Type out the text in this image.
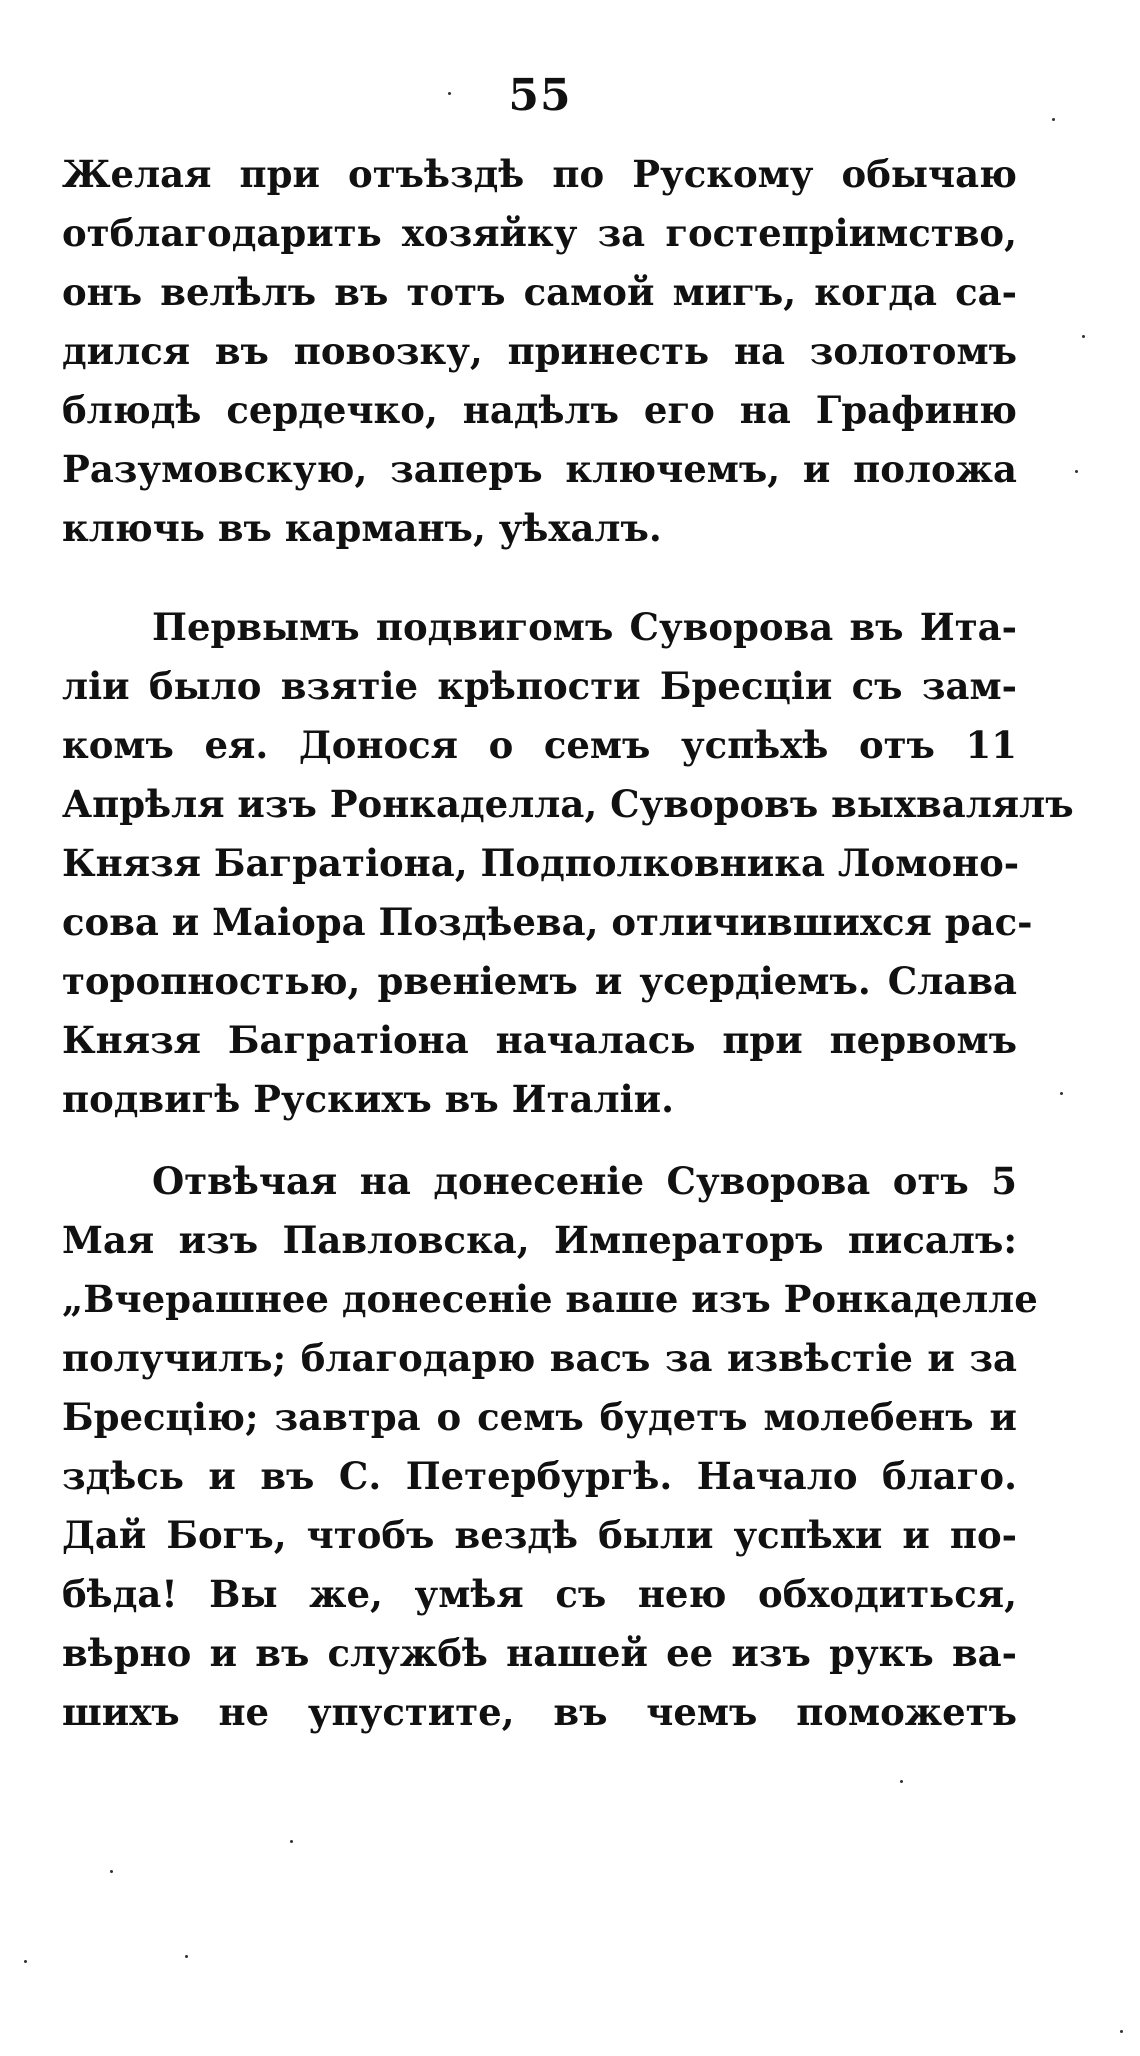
55
Желая при отъѣздѣ по Рускому обычаю
отблагодарить хозяйку за гостепріимство,
онъ велѣлъ въ тотъ самой мигъ, когда са-
дился въ повозку, принесть на золотомъ
блюдѣ сердечко, надѣлъ его на Графиню
Разумовскую, заперъ ключемъ, и положа
ключь въ карманъ, уѣхалъ.
Первымъ подвигомъ Суворова въ Ита-
ліи было взятіе крѣпости Бресціи съ зам-
комъ ея. Донося о семъ успѣхѣ отъ 11
Апрѣля изъ Ронкаделла, Суворовъ выхвалялъ
Князя Багратіона, Подполковника Ломоно-
сова и Маіора Поздѣева, отличившихся рас-
торопностью, рвеніемъ и усердіемъ. Слава
Князя Багратіона началась при первомъ
подвигѣ Рускихъ въ Италіи.
Отвѣчая на донесеніе Суворова отъ 5
Мая изъ Павловска, Императоръ писалъ:
„Вчерашнее донесеніе ваше изъ Ронкаделле
получилъ; благодарю васъ за извѣстіе и за
Бресцію; завтра о семъ будетъ молебенъ и
здѣсь и въ С. Петербургѣ. Начало благо.
Дай Богъ, чтобъ вездѣ были успѣхи и по-
бѣда! Вы же, умѣя съ нею обходиться,
вѣрно и въ службѣ нашей ее изъ рукъ ва-
шихъ не упустите, въ чемъ поможетъ
